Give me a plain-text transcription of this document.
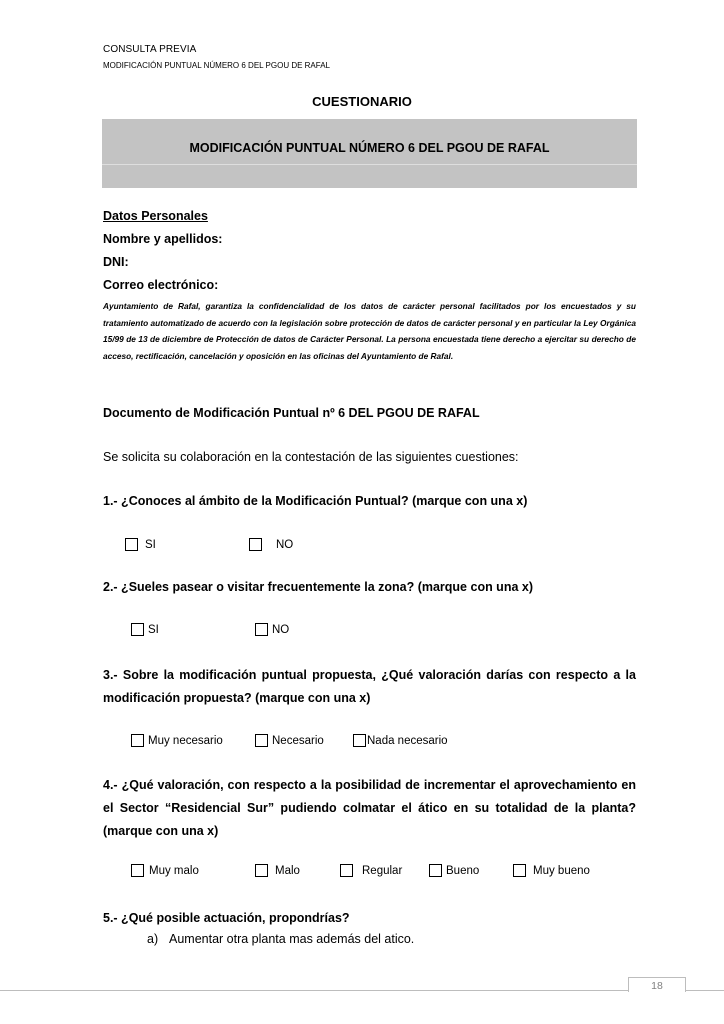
CONSULTA PREVIA
MODIFICACIÓN PUNTUAL NÚMERO 6 DEL PGOU DE RAFAL
CUESTIONARIO
MODIFICACIÓN PUNTUAL NÚMERO 6 DEL PGOU DE RAFAL
Datos Personales
Nombre y apellidos:
DNI:
Correo electrónico:
Ayuntamiento de Rafal, garantiza la confidencialidad de los datos de carácter personal facilitados por los encuestados y su tratamiento automatizado de acuerdo con la legislación sobre protección de datos de carácter personal y en particular la Ley Orgánica 15/99 de 13 de diciembre de Protección de datos de Carácter Personal. La persona encuestada tiene derecho a ejercitar su derecho de acceso, rectificación, cancelación y oposición en las oficinas del Ayuntamiento de Rafal.
Documento de Modificación Puntual nº 6 DEL PGOU DE RAFAL
Se solicita su colaboración en la contestación de las siguientes cuestiones:
1.- ¿Conoces al ámbito de la Modificación Puntual? (marque con una x)
SI	NO
2.- ¿Sueles pasear o visitar frecuentemente la zona? (marque con una x)
SI	NO
3.- Sobre la modificación puntual propuesta, ¿Qué valoración darías con respecto a la modificación propuesta? (marque con una x)
Muy necesario	Necesario	Nada necesario
4.- ¿Qué valoración, con respecto a la posibilidad de incrementar el aprovechamiento en el Sector “Residencial Sur” pudiendo colmatar el ático en su totalidad de la planta? (marque con una x)
Muy malo	Malo	Regular	Bueno	Muy bueno
5.- ¿Qué posible actuación, propondrías?
a) Aumentar otra planta mas además del atico.
18
